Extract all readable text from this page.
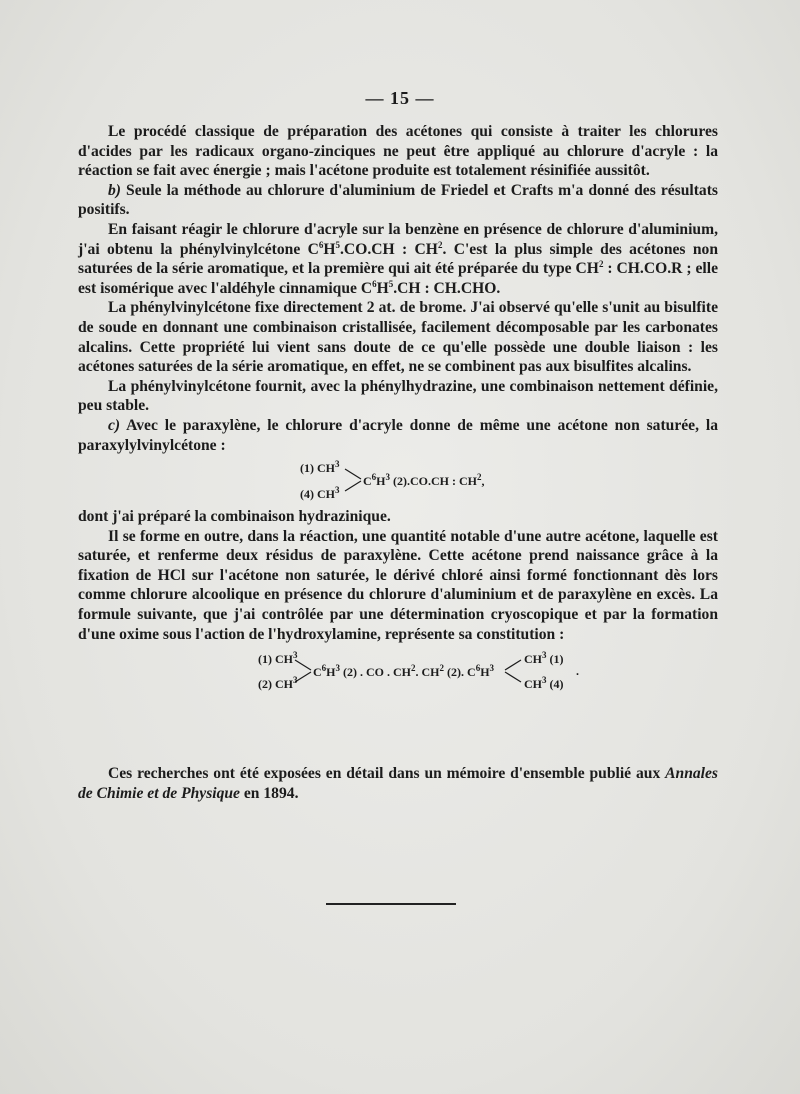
— 15 —

Le procédé classique de préparation des acétones qui consiste à traiter les chlorures d'acides par les radicaux organo-zinciques ne peut être appliqué au chlorure d'acryle : la réaction se fait avec énergie ; mais l'acétone produite est totalement résinifiée aussitôt.

b) Seule la méthode au chlorure d'aluminium de Friedel et Crafts m'a donné des résultats positifs.

En faisant réagir le chlorure d'acryle sur la benzène en présence de chlorure d'aluminium, j'ai obtenu la phénylvinylcétone $C^6H^5.CO.CH$ : $CH^2$. C'est la plus simple des acétones non saturées de la série aromatique, et la première qui ait été préparée du type $CH^2$ : CH.CO.R ; elle est isomérique avec l'aldéhyle cinnamique $C^6H^5.CH$ : CH.CHO.

La phénylvinylcétone fixe directement 2 at. de brome. J'ai observé qu'elle s'unit au bisulfite de soude en donnant une combinaison cristallisée, facilement décomposable par les carbonates alcalins. Cette propriété lui vient sans doute de ce qu'elle possède une double liaison : les acétones saturées de la série aromatique, en effet, ne se combinent pas aux bisulfites alcalins.

La phénylvinylcétone fournit, avec la phénylhydrazine, une combinaison nettement définie, peu stable.

c) Avec le paraxylène, le chlorure d'acryle donne de même une acétone non saturée, la paraxylylvinylcétone :

(1) $CH^3$
(4) $CH^3$
$C^6H^3$ (2).CO.CH : $CH^2$,

dont j'ai préparé la combinaison hydrazinique.

Il se forme en outre, dans la réaction, une quantité notable d'une autre acétone, laquelle est saturée, et renferme deux résidus de paraxylène. Cette acétone prend naissance grâce à la fixation de HCl sur l'acétone non saturée, le dérivé chloré ainsi formé fonctionnant dès lors comme chlorure alcoolique en présence du chlorure d'aluminium et de paraxylène en excès. La formule suivante, que j'ai contrôlée par une détermination cryoscopique et par la formation d'une oxime sous l'action de l'hydroxylamine, représente sa constitution :

(1) $CH^3$
(2) $CH^3$
$C^6H^3$ (2) . CO . $CH^2$. $CH^2$ (2). $C^6H^3$
$CH^3$ (1)
$CH^3$ (4)
.

Ces recherches ont été exposées en détail dans un mémoire d'ensemble publié aux Annales de Chimie et de Physique en 1894.
